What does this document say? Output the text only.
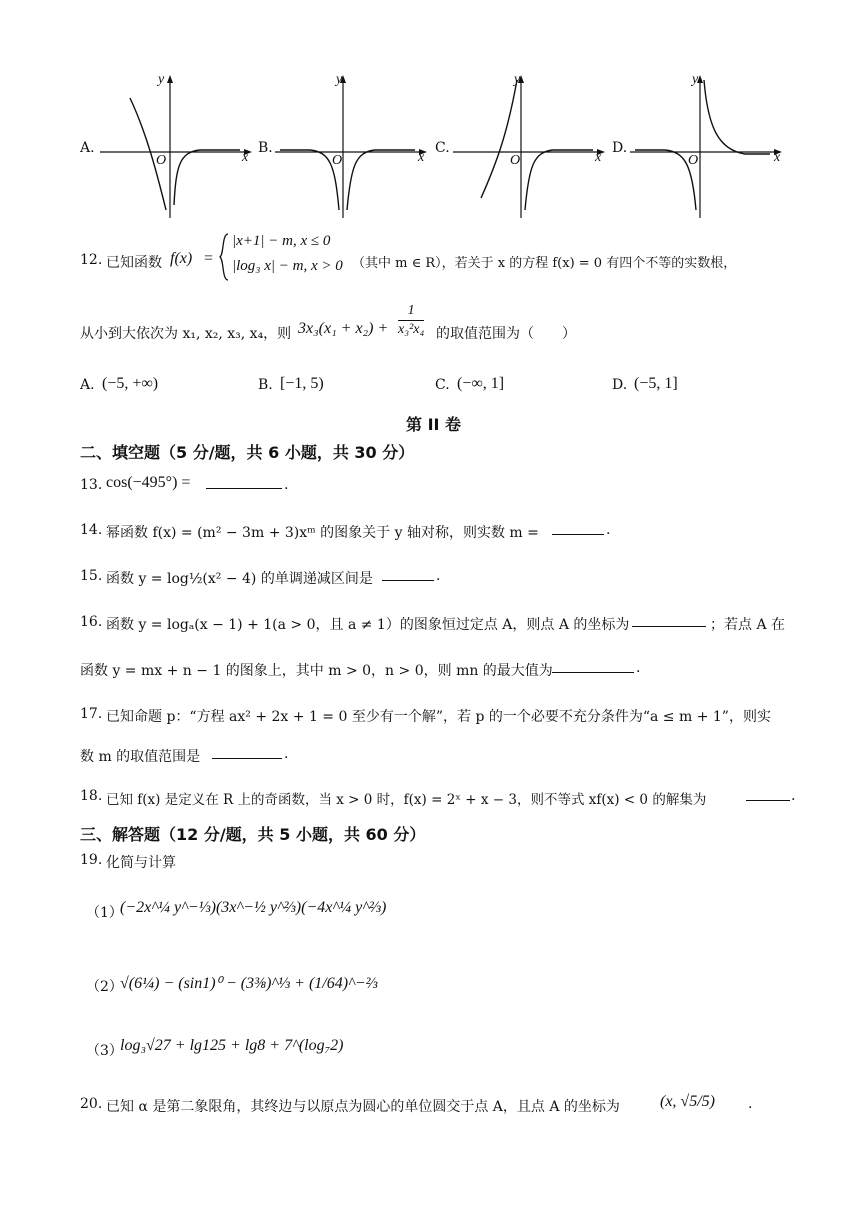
A.
x
y
O
B.
x
y
O
C.
x
y
O
D.
x
y
O
12. 已知函数 f(x) =
|x+1| − m, x ≤ 0
|log₃ x| − m, x > 0 （其中 m ∈ R），若关于 x 的方程 f(x) = 0 有四个不等的实数根，
从小到大依次为 x₁, x₂, x₃, x₄，则 $3x_3(x_1 + x_2) + \frac{1}{\text{x₃²x₄}}$ 的取值范围为（　　）
A. (−5, +∞)	B. [−1, 5)	C. (−∞, 1]	D. (−5, 1]
第 II 卷
二、填空题（5 分/题，共 6 小题，共 30 分）
13. cos(−495°) =	.
14. 幂函数 f(x) = (m² − 3m + 3)xᵐ 的图象关于 y 轴对称，则实数 m =	.
15. 函数 y = log½(x² − 4) 的单调递减区间是	.
16. 函数 y = logₐ(x − 1) + 1(a > 0，且 a ≠ 1）的图象恒过定点 A，则点 A 的坐标为	；若点 A 在
函数 y = mx + n − 1 的图象上，其中 m > 0，n > 0，则 mn 的最大值为	.
17. 已知命题 p：“方程 ax² + 2x + 1 = 0 至少有一个解”，若 p 的一个必要不充分条件为“a ≤ m + 1”，则实
数 m 的取值范围是	.
18. 已知 f(x) 是定义在 R 上的奇函数，当 x > 0 时，f(x) = 2ˣ + x − 3，则不等式 xf(x) < 0 的解集为	.
三、解答题（12 分/题，共 5 小题，共 60 分）
19. 化简与计算
（1）
(−2x^¼ y^−⅓)(3x^−½ y^⅔)(−4x^¼ y^⅔)
（2）
√(6¼) − (sin1)⁰ − (3⅜)^⅓ + (1/64)^−⅔
（3）
log₃√27 + lg125 + lg8 + 7^(log₇2)
20. 已知 α 是第二象限角，其终边与以原点为圆心的单位圆交于点 A，且点 A 的坐标为	(x, √5/5) .
